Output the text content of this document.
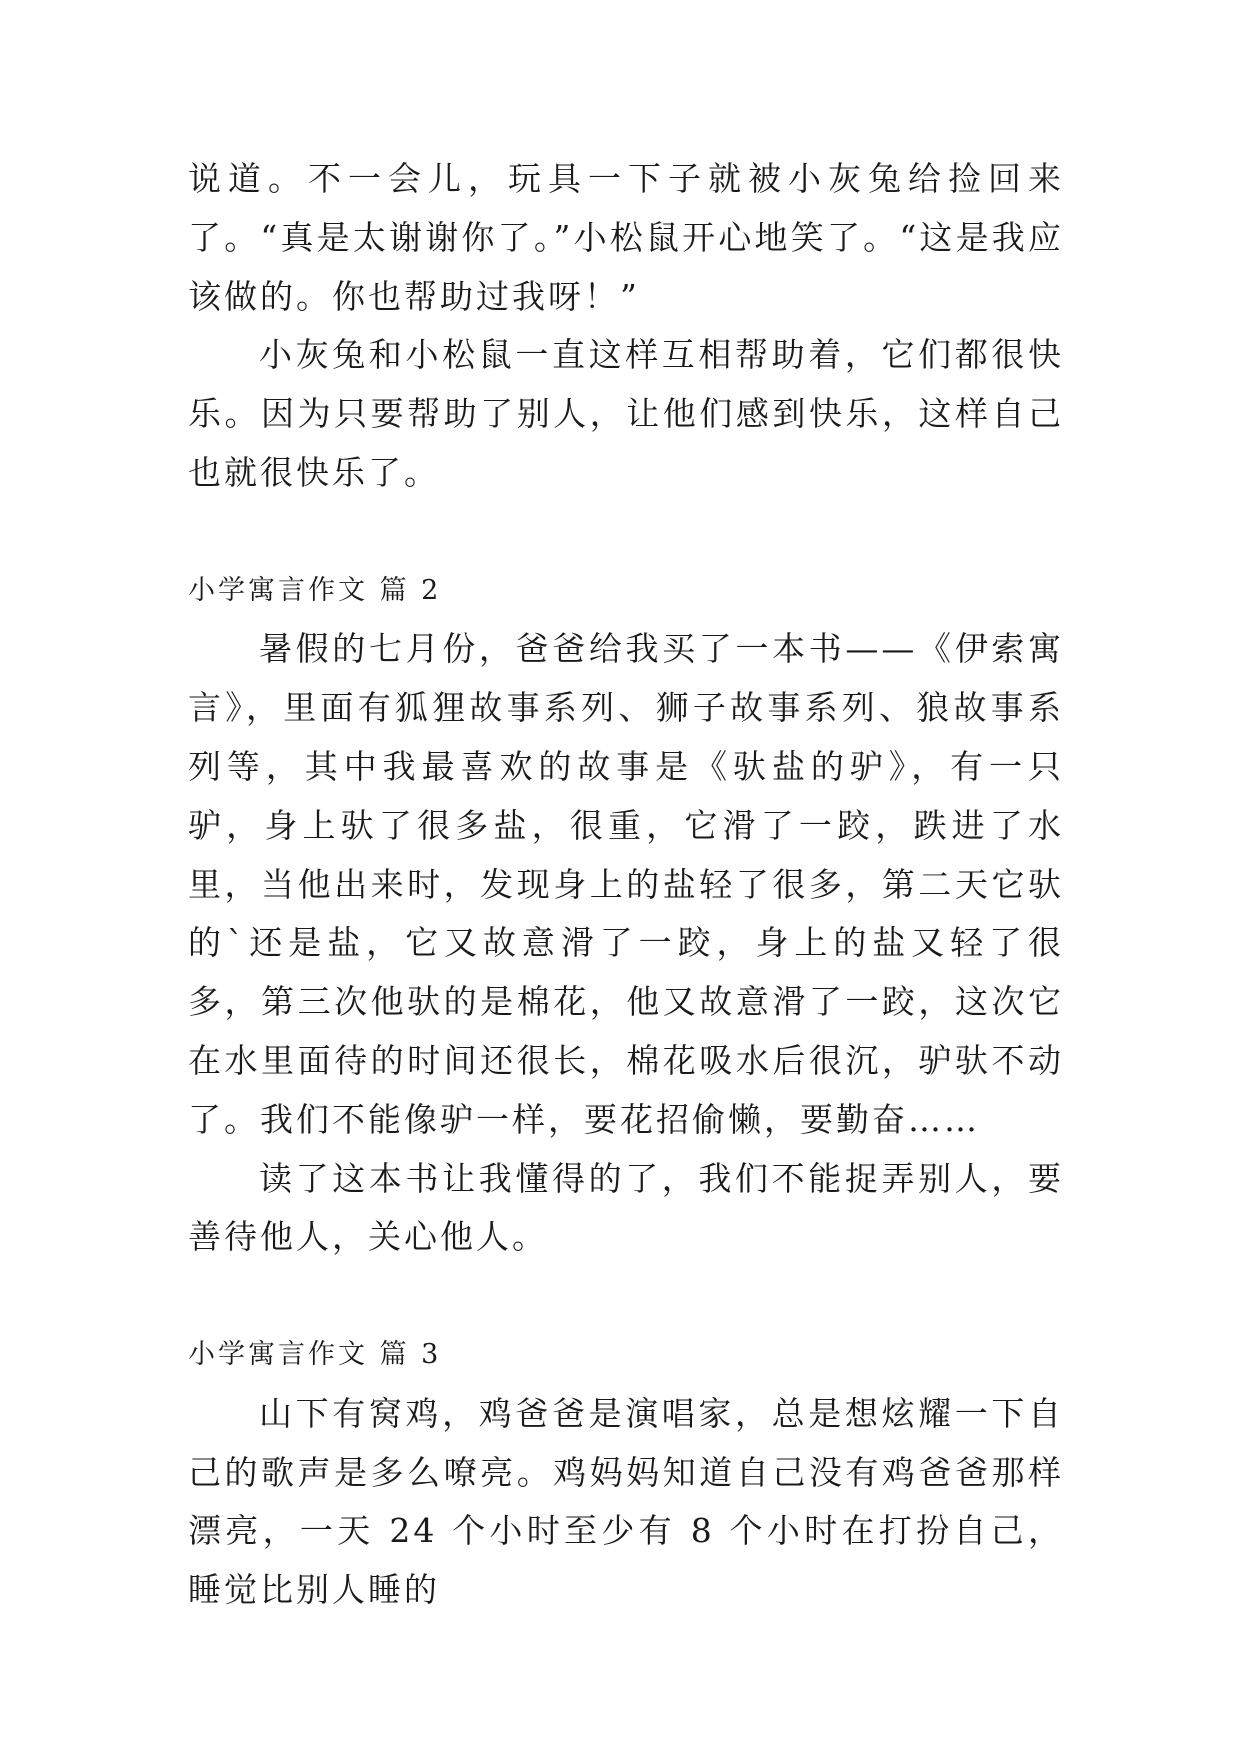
说道。不一会儿，玩具一下子就被小灰兔给捡回来了。“真是太谢谢你了。”小松鼠开心地笑了。“这是我应该做的。你也帮助过我呀！”

小灰兔和小松鼠一直这样互相帮助着，它们都很快乐。因为只要帮助了别人，让他们感到快乐，这样自己也就很快乐了。

小学寓言作文 篇 2

暑假的七月份，爸爸给我买了一本书——《伊索寓言》，里面有狐狸故事系列、狮子故事系列、狼故事系列等，其中我最喜欢的故事是《驮盐的驴》，有一只驴，身上驮了很多盐，很重，它滑了一跤，跌进了水里，当他出来时，发现身上的盐轻了很多，第二天它驮的`还是盐，它又故意滑了一跤，身上的盐又轻了很多，第三次他驮的是棉花，他又故意滑了一跤，这次它在水里面待的时间还很长，棉花吸水后很沉，驴驮不动了。我们不能像驴一样，要花招偷懒，要勤奋……

读了这本书让我懂得的了，我们不能捉弄别人，要善待他人，关心他人。

小学寓言作文 篇 3

山下有窝鸡，鸡爸爸是演唱家，总是想炫耀一下自己的歌声是多么嘹亮。鸡妈妈知道自己没有鸡爸爸那样漂亮，一天 24 个小时至少有 8 个小时在打扮自己，睡觉比别人睡的
